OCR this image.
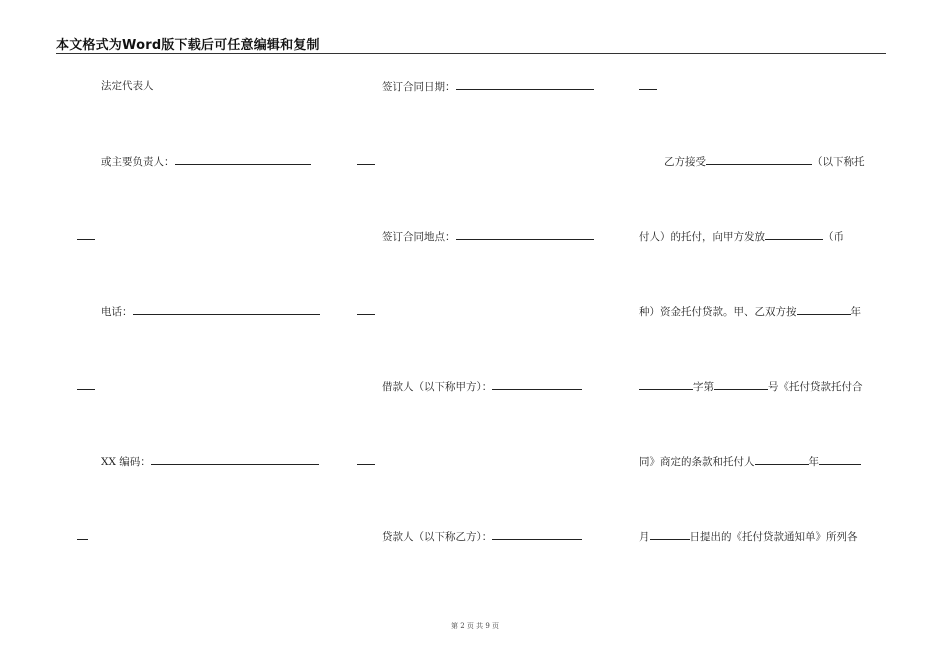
本文格式为Word版下载后可任意编辑和复制
法定代表人
或主要负责人：
电话：
XX 编码：
签订合同日期：
签订合同地点：
借款人（以下称甲方）：
贷款人（以下称乙方）：
乙方接受	（以下称托
付人）的托付，向甲方发放	（币
种）资金托付贷款。甲、乙双方按	年
字第	号《托付贷款托付合
同》商定的条款和托付人	年
月	日提出的《托付贷款通知单》所列各
第 2 页 共 9 页
